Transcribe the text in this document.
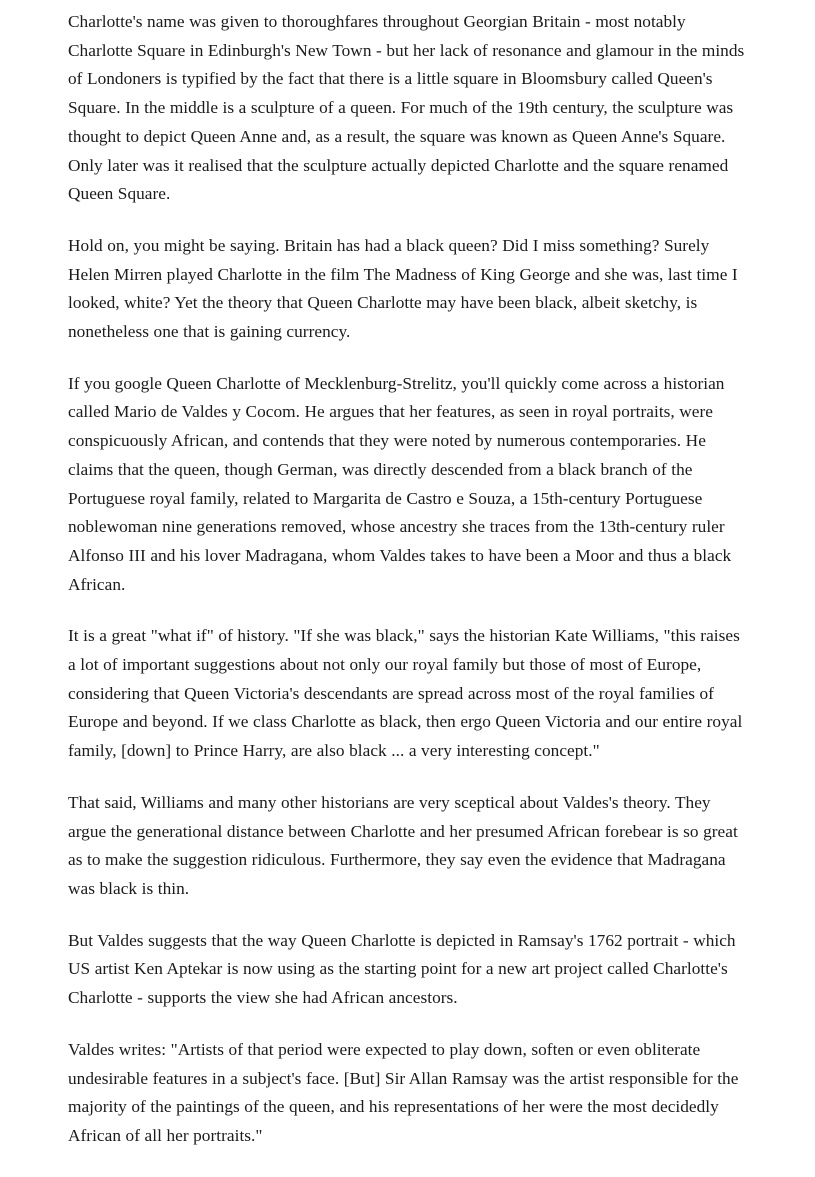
Charlotte's name was given to thoroughfares throughout Georgian Britain - most notably Charlotte Square in Edinburgh's New Town - but her lack of resonance and glamour in the minds of Londoners is typified by the fact that there is a little square in Bloomsbury called Queen's Square. In the middle is a sculpture of a queen. For much of the 19th century, the sculpture was thought to depict Queen Anne and, as a result, the square was known as Queen Anne's Square. Only later was it realised that the sculpture actually depicted Charlotte and the square renamed Queen Square.

Hold on, you might be saying. Britain has had a black queen? Did I miss something? Surely Helen Mirren played Charlotte in the film The Madness of King George and she was, last time I looked, white? Yet the theory that Queen Charlotte may have been black, albeit sketchy, is nonetheless one that is gaining currency.

If you google Queen Charlotte of Mecklenburg-Strelitz, you'll quickly come across a historian called Mario de Valdes y Cocom. He argues that her features, as seen in royal portraits, were conspicuously African, and contends that they were noted by numerous contemporaries. He claims that the queen, though German, was directly descended from a black branch of the Portuguese royal family, related to Margarita de Castro e Souza, a 15th-century Portuguese noblewoman nine generations removed, whose ancestry she traces from the 13th-century ruler Alfonso III and his lover Madragana, whom Valdes takes to have been a Moor and thus a black African.

It is a great "what if" of history. "If she was black," says the historian Kate Williams, "this raises a lot of important suggestions about not only our royal family but those of most of Europe, considering that Queen Victoria's descendants are spread across most of the royal families of Europe and beyond. If we class Charlotte as black, then ergo Queen Victoria and our entire royal family, [down] to Prince Harry, are also black ... a very interesting concept."

That said, Williams and many other historians are very sceptical about Valdes's theory. They argue the generational distance between Charlotte and her presumed African forebear is so great as to make the suggestion ridiculous. Furthermore, they say even the evidence that Madragana was black is thin.

But Valdes suggests that the way Queen Charlotte is depicted in Ramsay's 1762 portrait - which US artist Ken Aptekar is now using as the starting point for a new art project called Charlotte's Charlotte - supports the view she had African ancestors.

Valdes writes: "Artists of that period were expected to play down, soften or even obliterate undesirable features in a subject's face. [But] Sir Allan Ramsay was the artist responsible for the majority of the paintings of the queen, and his representations of her were the most decidedly African of all her portraits."
